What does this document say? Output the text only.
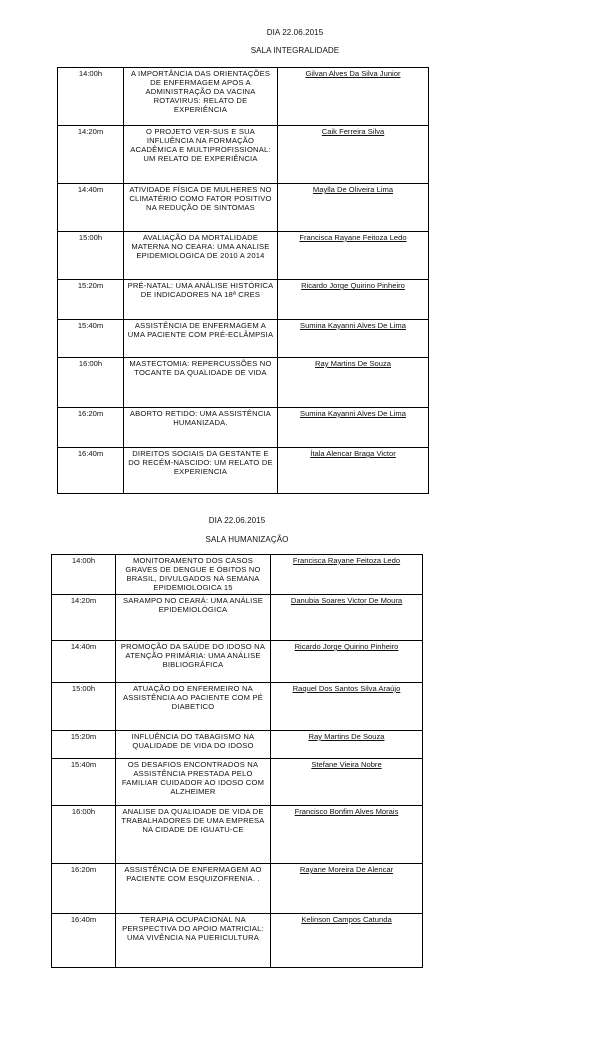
DIA 22.06.2015
SALA INTEGRALIDADE
14:00h	A IMPORTÂNCIA DAS ORIENTAÇÕES DE ENFERMAGEM APOS A ADMINISTRAÇÃO DA VACINA ROTAVIRUS: RELATO DE EXPERIÊNCIA	Gilvan Alves Da Silva Junior
14:20m	O PROJETO VER-SUS E SUA INFLUÊNCIA NA FORMAÇÃO ACADÊMICA E MULTIPROFISSIONAL: UM RELATO DE EXPERIÊNCIA	Caik Ferreira Silva
14:40m	ATIVIDADE FÍSICA DE MULHERES NO CLIMATÉRIO COMO FATOR POSITIVO NA REDUÇÃO DE SINTOMAS	Maylla De Oliveira Lima
15:00h	AVALIAÇÃO DA MORTALIDADE MATERNA NO CEARA: UMA ANALISE EPIDEMIOLOGICA DE 2010 A 2014	Francisca Rayane Feitoza Ledo
15:20m	PRÉ-NATAL: UMA ANÁLISE HISTÓRICA DE INDICADORES NA 18ª CRES	Ricardo Jorge Quirino Pinheiro
15:40m	ASSISTÊNCIA DE ENFERMAGEM A UMA PACIENTE COM PRÉ-ECLÂMPSIA	Sumina Kayanni Alves De Lima
16:00h	MASTECTOMIA: REPERCUSSÕES NO TOCANTE DA QUALIDADE DE VIDA	Ray Martins De Souza
16:20m	ABORTO RETIDO: UMA ASSISTÊNCIA HUMANIZADA.	Sumina Kayanni Alves De Lima
16:40m	DIREITOS SOCIAIS DA GESTANTE E DO RECÉM-NASCIDO: UM RELATO DE EXPERIENCIA	Ítala Alencar Braga Victor
DIA 22.06.2015
SALA HUMANIZAÇÃO
14:00h	MONITORAMENTO DOS CASOS GRAVES DE DENGUE E ÓBITOS NO BRASIL, DIVULGADOS NA SEMANA EPIDEMIOLOGICA 15	Francisca Rayane Feitoza Ledo
14:20m	SARAMPO NO CEARÁ: UMA ANÁLISE EPIDEMIOLÓGICA	Danubia Soares Victor De Moura
14:40m	PROMOÇÃO DA SAÚDE DO IDOSO NA ATENÇÃO PRIMÁRIA: UMA ANÁLISE BIBLIOGRÁFICA	Ricardo Jorge Quirino Pinheiro
15:00h	ATUAÇÃO DO ENFERMEIRO NA ASSISTÊNCIA AO PACIENTE COM PÉ DIABETICO	Raquel Dos Santos Silva Araújo
15:20m	INFLUÊNCIA DO TABAGISMO NA QUALIDADE DE VIDA DO IDOSO	Ray Martins De Souza
15:40m	OS DESAFIOS ENCONTRADOS NA ASSISTÊNCIA PRESTADA PELO FAMILIAR CUIDADOR AO IDOSO COM ALZHEIMER	Stefane Vieira Nobre
16:00h	ANALISE DA QUALIDADE DE VIDA DE TRABALHADORES DE UMA EMPRESA NA CIDADE DE IGUATU-CE	Francisco Bonfim Alves Morais
16:20m	ASSISTÊNCIA DE ENFERMAGEM AO PACIENTE COM ESQUIZOFRENIA. .	Rayane Moreira De Alencar
16:40m	TERAPIA OCUPACIONAL NA PERSPECTIVA DO APOIO MATRICIAL: UMA VIVÊNCIA NA PUERICULTURA	Kelinson Campos Catunda
